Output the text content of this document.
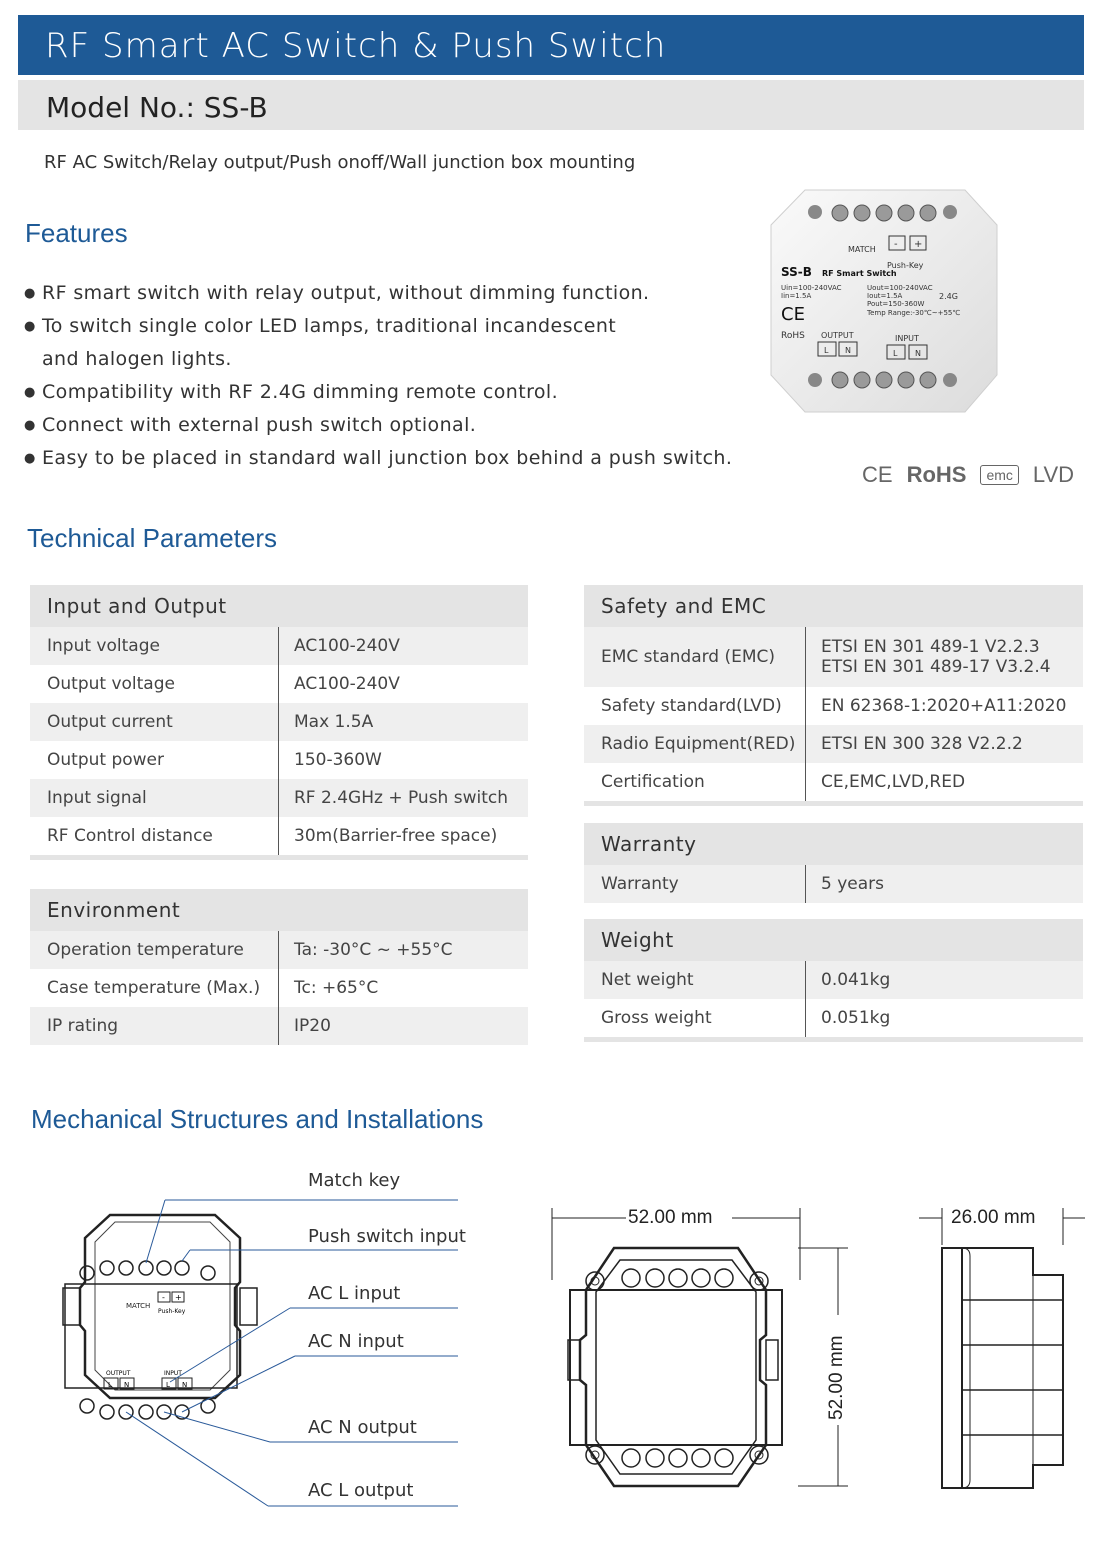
RF Smart AC Switch & Push Switch
Model No.: SS-B
RF AC Switch/Relay output/Push onoff/Wall junction box mounting
Features
● RF smart switch with relay output, without dimming function.
● To switch single color LED lamps, traditional incandescent
and halogen lights.
● Compatibility with RF 2.4G dimming remote control.
● Connect with external push switch optional.
● Easy to be placed in standard wall junction box behind a push switch.
MATCH - +
Push-Key
SS-B RF Smart Switch
Uin=100-240VAC
Iin=1.5A
Uout=100-240VAC
Iout=1.5A
Pout=150-360W
Temp Range:-30℃~+55℃
2.4G
CE
RoHS OUTPUT	INPUT
L N	L N
CE RoHS	emc LVD
Technical Parameters
Input and Output
Input voltage	AC100-240V
Output voltage	AC100-240V
Output current	Max 1.5A
Output power	150-360W
Input signal	RF 2.4GHz + Push switch
RF Control distance	30m(Barrier-free space)
Environment
Operation temperature	Ta: -30°C ~ +55°C
Case temperature (Max.)	Tc: +65°C
IP rating	IP20
Safety and EMC
EMC standard (EMC)	ETSI EN 301 489-1 V2.2.3
ETSI EN 301 489-17 V3.2.4
Safety standard(LVD)	EN 62368-1:2020+A11:2020
Radio Equipment(RED)	ETSI EN 300 328 V2.2.2
Certification	CE,EMC,LVD,RED
Warranty
Warranty	5 years
Weight
Net weight	0.041kg
Gross weight	0.051kg
Mechanical Structures and Installations
MATCH
- +
Push-Key
OUTPUT	INPUT
L N	L N
Match key
Push switch input
AC L input
AC N input
AC N output
AC L output
52.00 mm
52.00 mm
26.00 mm
